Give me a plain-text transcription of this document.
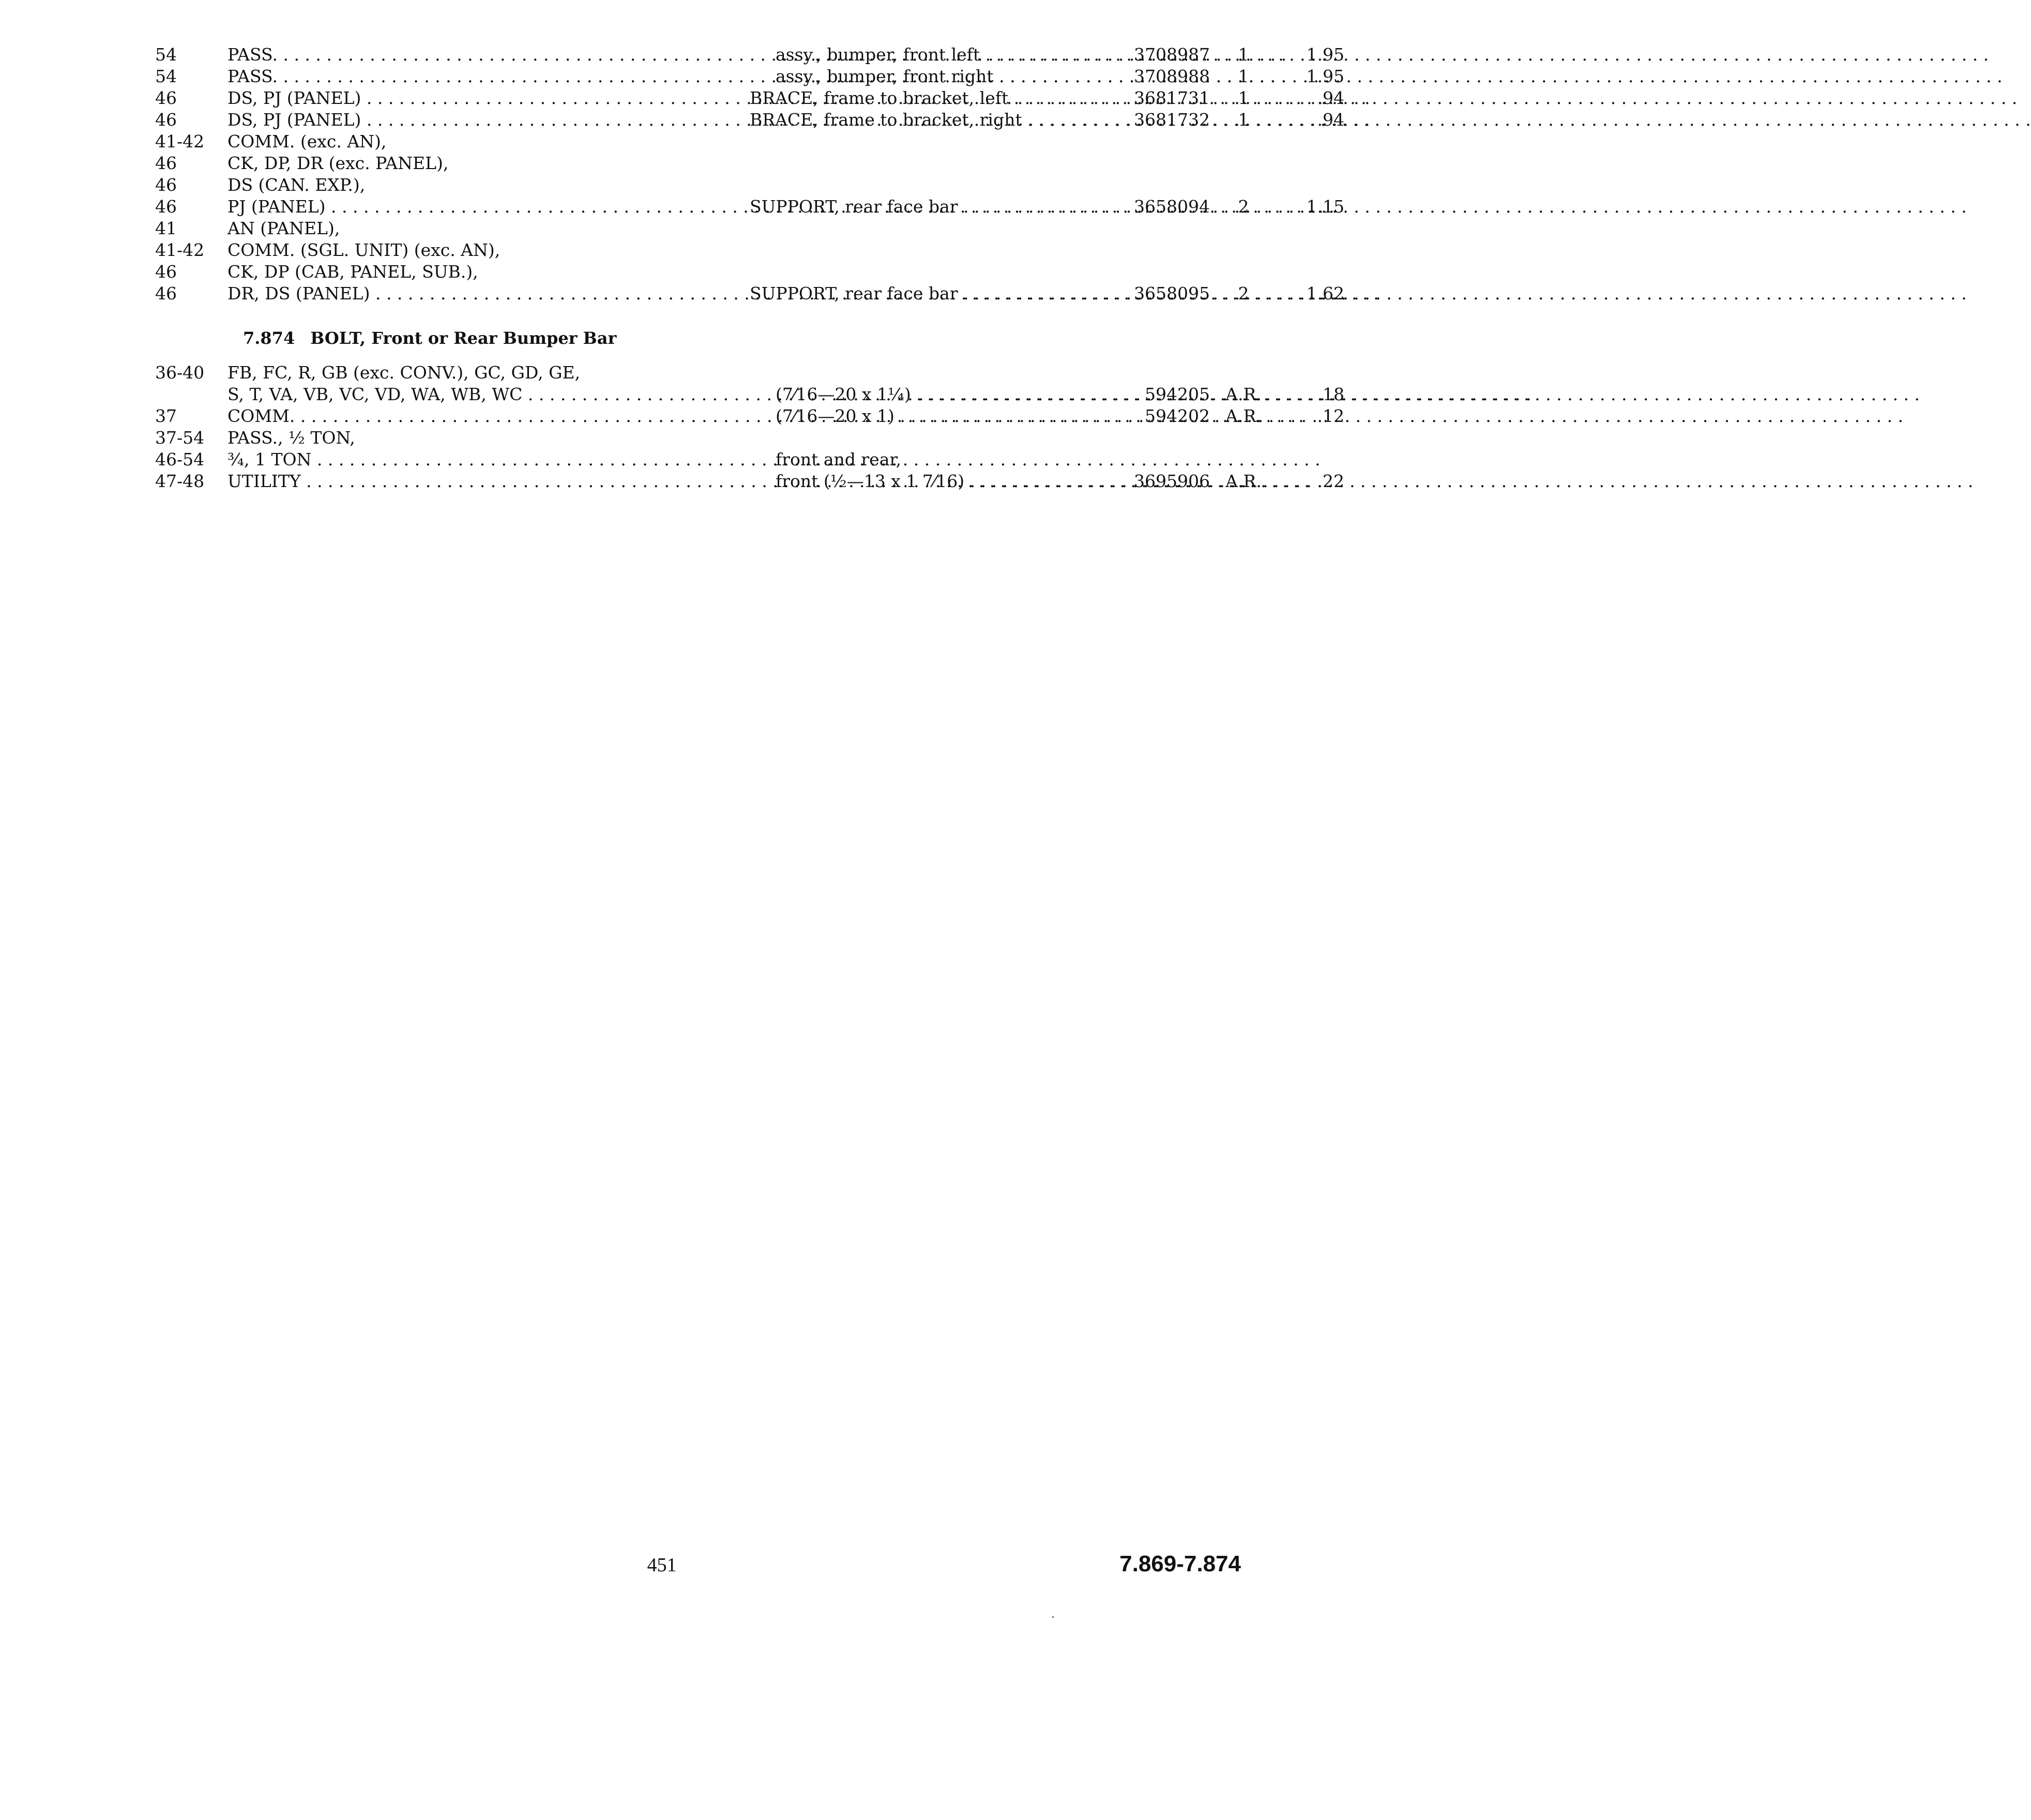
54	PASS. . . .	assy., bumper, front left . . .	3708987	1	1.95
54	PASS. . . .	assy., bumper, front right . . .	3708988	1	1.95
46	DS, PJ (PANEL) . . .	BRACE, frame to bracket, left . . .	3681731	1	.94
46	DS, PJ (PANEL) . . .	BRACE, frame to bracket, right . . .	3681732	1	.94
41-42	COMM. (exc. AN),
46	CK, DP, DR (exc. PANEL),
46	DS (CAN. EXP.),
46	PJ (PANEL) . . .	SUPPORT, rear face bar . . .	3658094	2	1.15
41	AN (PANEL),
41-42	COMM. (SGL. UNIT) (exc. AN),
46	CK, DP (CAB, PANEL, SUB.),
46	DR, DS (PANEL) . . .	SUPPORT, rear face bar . . .	3658095	2	1.62
7.874 BOLT, Front or Rear Bumper Bar
36-40	FB, FC, R, GB (exc. CONV.), GC, GD, GE,
S, T, VA, VB, VC, VD, WA, WB, WC . . .	(7⁄16—20 x 1¼) . . .	594205 A.R.	.18
37	COMM. . . .	(7⁄16—20 x 1) . . .	594202 A.R.	.12
37-54	PASS., ½ TON,
46-54	¾, 1 TON . . .	front and rear,
47-48	UTILITY . . .	front (½—13 x 1 7⁄16) . . .	3695906 A.R.	.22
451	7.869-7.874
